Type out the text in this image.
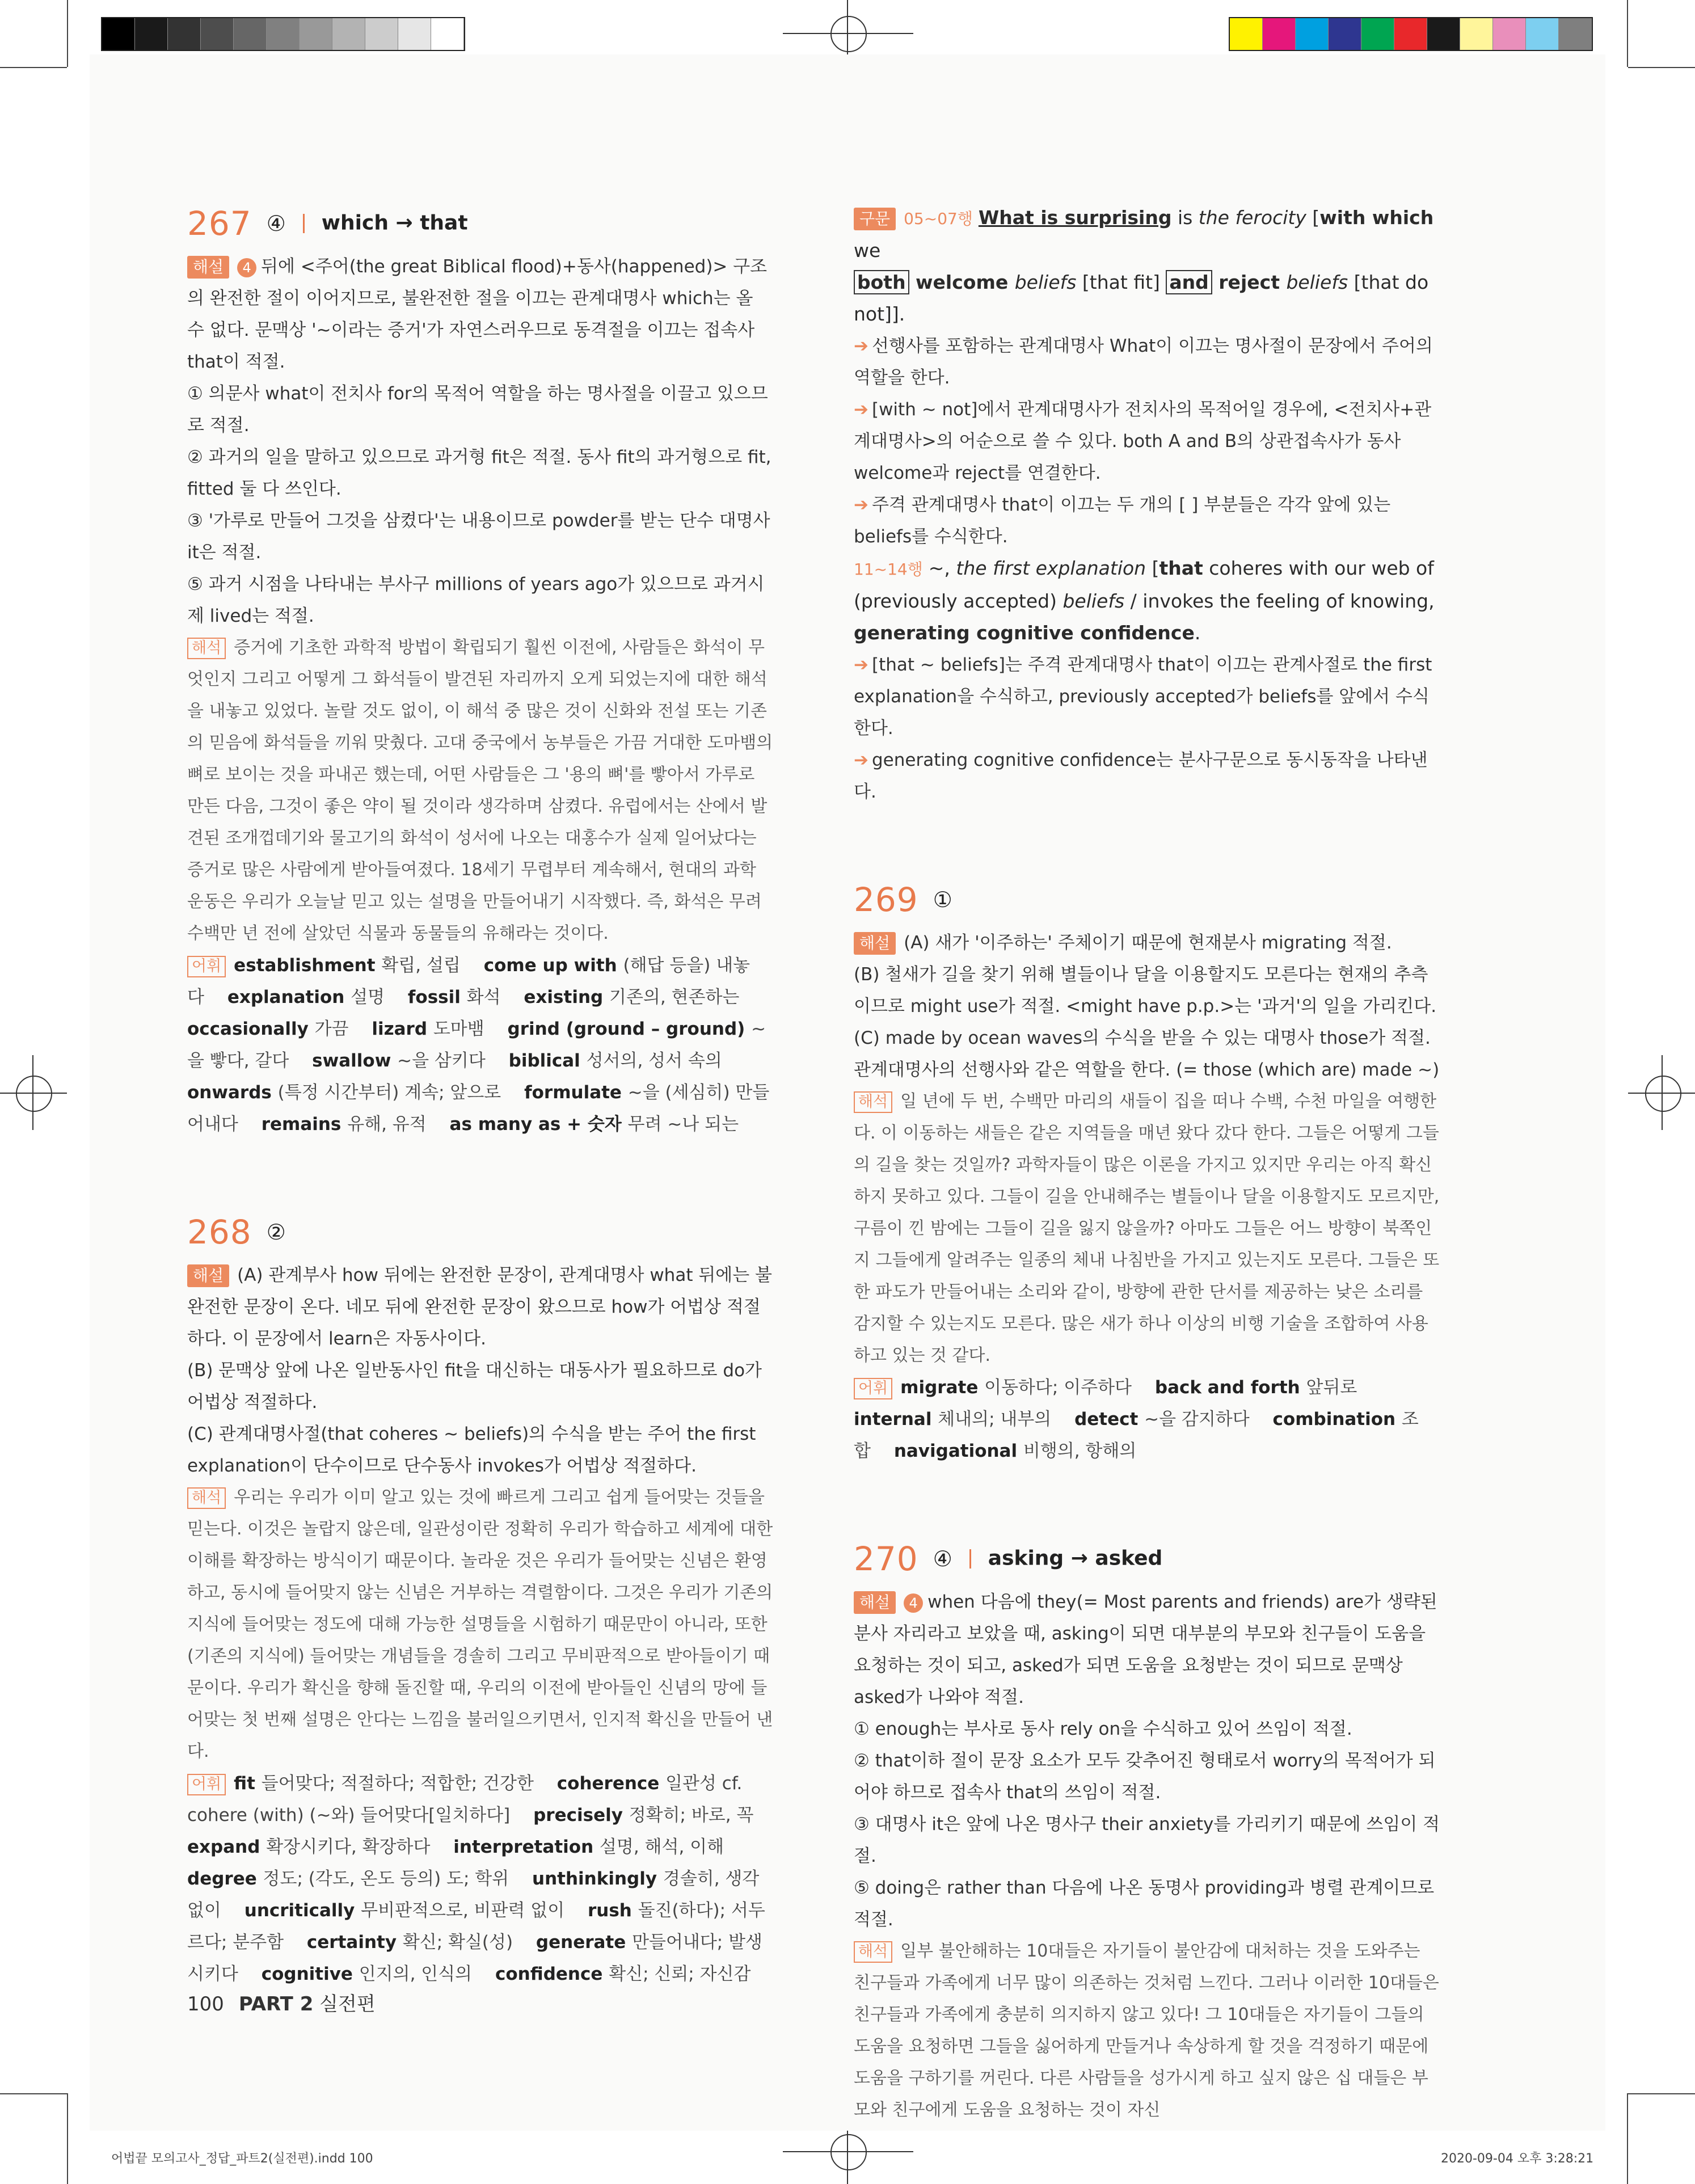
267 ④ which → that

해설 4 뒤에 <주어(the great Biblical flood)+동사(happened)> 구조의 완전한 절이 이어지므로, 불완전한 절을 이끄는 관계대명사 which는 올 수 없다. 문맥상 '~이라는 증거'가 자연스러우므로 동격절을 이끄는 접속사 that이 적절.

① 의문사 what이 전치사 for의 목적어 역할을 하는 명사절을 이끌고 있으므로 적절.

② 과거의 일을 말하고 있으므로 과거형 fit은 적절. 동사 fit의 과거형으로 fit, fitted 둘 다 쓰인다.

③ '가루로 만들어 그것을 삼켰다'는 내용이므로 powder를 받는 단수 대명사 it은 적절.

⑤ 과거 시점을 나타내는 부사구 millions of years ago가 있으므로 과거시제 lived는 적절.

해석 증거에 기초한 과학적 방법이 확립되기 훨씬 이전에, 사람들은 화석이 무엇인지 그리고 어떻게 그 화석들이 발견된 자리까지 오게 되었는지에 대한 해석을 내놓고 있었다. 놀랄 것도 없이, 이 해석 중 많은 것이 신화와 전설 또는 기존의 믿음에 화석들을 끼워 맞췄다. 고대 중국에서 농부들은 가끔 거대한 도마뱀의 뼈로 보이는 것을 파내곤 했는데, 어떤 사람들은 그 '용의 뼈'를 빻아서 가루로 만든 다음, 그것이 좋은 약이 될 것이라 생각하며 삼켰다. 유럽에서는 산에서 발견된 조개껍데기와 물고기의 화석이 성서에 나오는 대홍수가 실제 일어났다는 증거로 많은 사람에게 받아들여졌다. 18세기 무렵부터 계속해서, 현대의 과학 운동은 우리가 오늘날 믿고 있는 설명을 만들어내기 시작했다. 즉, 화석은 무려 수백만 년 전에 살았던 식물과 동물들의 유해라는 것이다.

어휘 establishment 확립, 설립  come up with (해답 등을) 내놓다  explanation 설명  fossil 화석  existing 기존의, 현존하는  occasionally 가끔  lizard 도마뱀  grind (ground – ground) ~을 빻다, 갈다  swallow ~을 삼키다  biblical 성서의, 성서 속의  onwards (특정 시간부터) 계속; 앞으로  formulate ~을 (세심히) 만들어내다  remains 유해, 유적  as many as + 숫자 무려 ~나 되는 

268 ②

해설 (A) 관계부사 how 뒤에는 완전한 문장이, 관계대명사 what 뒤에는 불완전한 문장이 온다. 네모 뒤에 완전한 문장이 왔으므로 how가 어법상 적절하다. 이 문장에서 learn은 자동사이다.

(B) 문맥상 앞에 나온 일반동사인 fit을 대신하는 대동사가 필요하므로 do가 어법상 적절하다.

(C) 관계대명사절(that coheres ~ beliefs)의 수식을 받는 주어 the first explanation이 단수이므로 단수동사 invokes가 어법상 적절하다.

해석 우리는 우리가 이미 알고 있는 것에 빠르게 그리고 쉽게 들어맞는 것들을 믿는다. 이것은 놀랍지 않은데, 일관성이란 정확히 우리가 학습하고 세계에 대한 이해를 확장하는 방식이기 때문이다. 놀라운 것은 우리가 들어맞는 신념은 환영하고, 동시에 들어맞지 않는 신념은 거부하는 격렬함이다. 그것은 우리가 기존의 지식에 들어맞는 정도에 대해 가능한 설명들을 시험하기 때문만이 아니라, 또한 (기존의 지식에) 들어맞는 개념들을 경솔히 그리고 무비판적으로 받아들이기 때문이다. 우리가 확신을 향해 돌진할 때, 우리의 이전에 받아들인 신념의 망에 들어맞는 첫 번째 설명은 안다는 느낌을 불러일으키면서, 인지적 확신을 만들어 낸다.

어휘 fit 들어맞다; 적절하다; 적합한; 건강한  coherence 일관성 cf. cohere (with) (~와) 들어맞다[일치하다]  precisely 정확히; 바로, 꼭  expand 확장시키다, 확장하다  interpretation 설명, 해석, 이해  degree 정도; (각도, 온도 등의) 도; 학위  unthinkingly 경솔히, 생각 없이  uncritically 무비판적으로, 비판력 없이  rush 돌진(하다); 서두르다; 분주함  certainty 확신; 확실(성)  generate 만들어내다; 발생시키다  cognitive 인지의, 인식의  confidence 확신; 신뢰; 자신감 

구문 05~07행 What is surprising is the ferocity [with which we
both welcome beliefs [that fit] and reject beliefs [that do not]].

➔ 선행사를 포함하는 관계대명사 What이 이끄는 명사절이 문장에서 주어의 역할을 한다.

➔ [with ~ not]에서 관계대명사가 전치사의 목적어일 경우에, <전치사+관계대명사>의 어순으로 쓸 수 있다. both A and B의 상관접속사가 동사 welcome과 reject를 연결한다.

➔ 주격 관계대명사 that이 이끄는 두 개의 [ ] 부분들은 각각 앞에 있는 beliefs를 수식한다.

11~14행 ~, the first explanation [that coheres with our web of (previously accepted) beliefs / invokes the feeling of knowing, generating cognitive confidence.

➔ [that ~ beliefs]는 주격 관계대명사 that이 이끄는 관계사절로 the first explanation을 수식하고, previously accepted가 beliefs를 앞에서 수식한다.

➔ generating cognitive confidence는 분사구문으로 동시동작을 나타낸다.

269 ①

해설 (A) 새가 '이주하는' 주체이기 때문에 현재분사 migrating 적절.

(B) 철새가 길을 찾기 위해 별들이나 달을 이용할지도 모른다는 현재의 추측이므로 might use가 적절. <might have p.p.>는 '과거'의 일을 가리킨다.

(C) made by ocean waves의 수식을 받을 수 있는 대명사 those가 적절. 관계대명사의 선행사와 같은 역할을 한다. (= those (which are) made ~)

해석 일 년에 두 번, 수백만 마리의 새들이 집을 떠나 수백, 수천 마일을 여행한다. 이 이동하는 새들은 같은 지역들을 매년 왔다 갔다 한다. 그들은 어떻게 그들의 길을 찾는 것일까? 과학자들이 많은 이론을 가지고 있지만 우리는 아직 확신하지 못하고 있다. 그들이 길을 안내해주는 별들이나 달을 이용할지도 모르지만, 구름이 낀 밤에는 그들이 길을 잃지 않을까? 아마도 그들은 어느 방향이 북쪽인지 그들에게 알려주는 일종의 체내 나침반을 가지고 있는지도 모른다. 그들은 또한 파도가 만들어내는 소리와 같이, 방향에 관한 단서를 제공하는 낮은 소리를 감지할 수 있는지도 모른다. 많은 새가 하나 이상의 비행 기술을 조합하여 사용하고 있는 것 같다.

어휘 migrate 이동하다; 이주하다  back and forth 앞뒤로  internal 체내의; 내부의  detect ~을 감지하다  combination 조합  navigational 비행의, 항해의 

270 ④ asking → asked

해설 4 when 다음에 they(= Most parents and friends) are가 생략된 분사 자리라고 보았을 때, asking이 되면 대부분의 부모와 친구들이 도움을 요청하는 것이 되고, asked가 되면 도움을 요청받는 것이 되므로 문맥상 asked가 나와야 적절.

① enough는 부사로 동사 rely on을 수식하고 있어 쓰임이 적절.

② that이하 절이 문장 요소가 모두 갖추어진 형태로서 worry의 목적어가 되어야 하므로 접속사 that의 쓰임이 적절.

③ 대명사 it은 앞에 나온 명사구 their anxiety를 가리키기 때문에 쓰임이 적절.

⑤ doing은 rather than 다음에 나온 동명사 providing과 병렬 관계이므로 적절.

해석 일부 불안해하는 10대들은 자기들이 불안감에 대처하는 것을 도와주는 친구들과 가족에게 너무 많이 의존하는 것처럼 느낀다. 그러나 이러한 10대들은 친구들과 가족에게 충분히 의지하지 않고 있다! 그 10대들은 자기들이 그들의 도움을 요청하면 그들을 싫어하게 만들거나 속상하게 할 것을 걱정하기 때문에 도움을 구하기를 꺼린다. 다른 사람들을 성가시게 하고 싶지 않은 십 대들은 부모와 친구에게 도움을 요청하는 것이 자신

100 PART 2 실전편
어법끝 모의고사_정답_파트2(실전편).indd 100	2020-09-04 오후 3:28:21
